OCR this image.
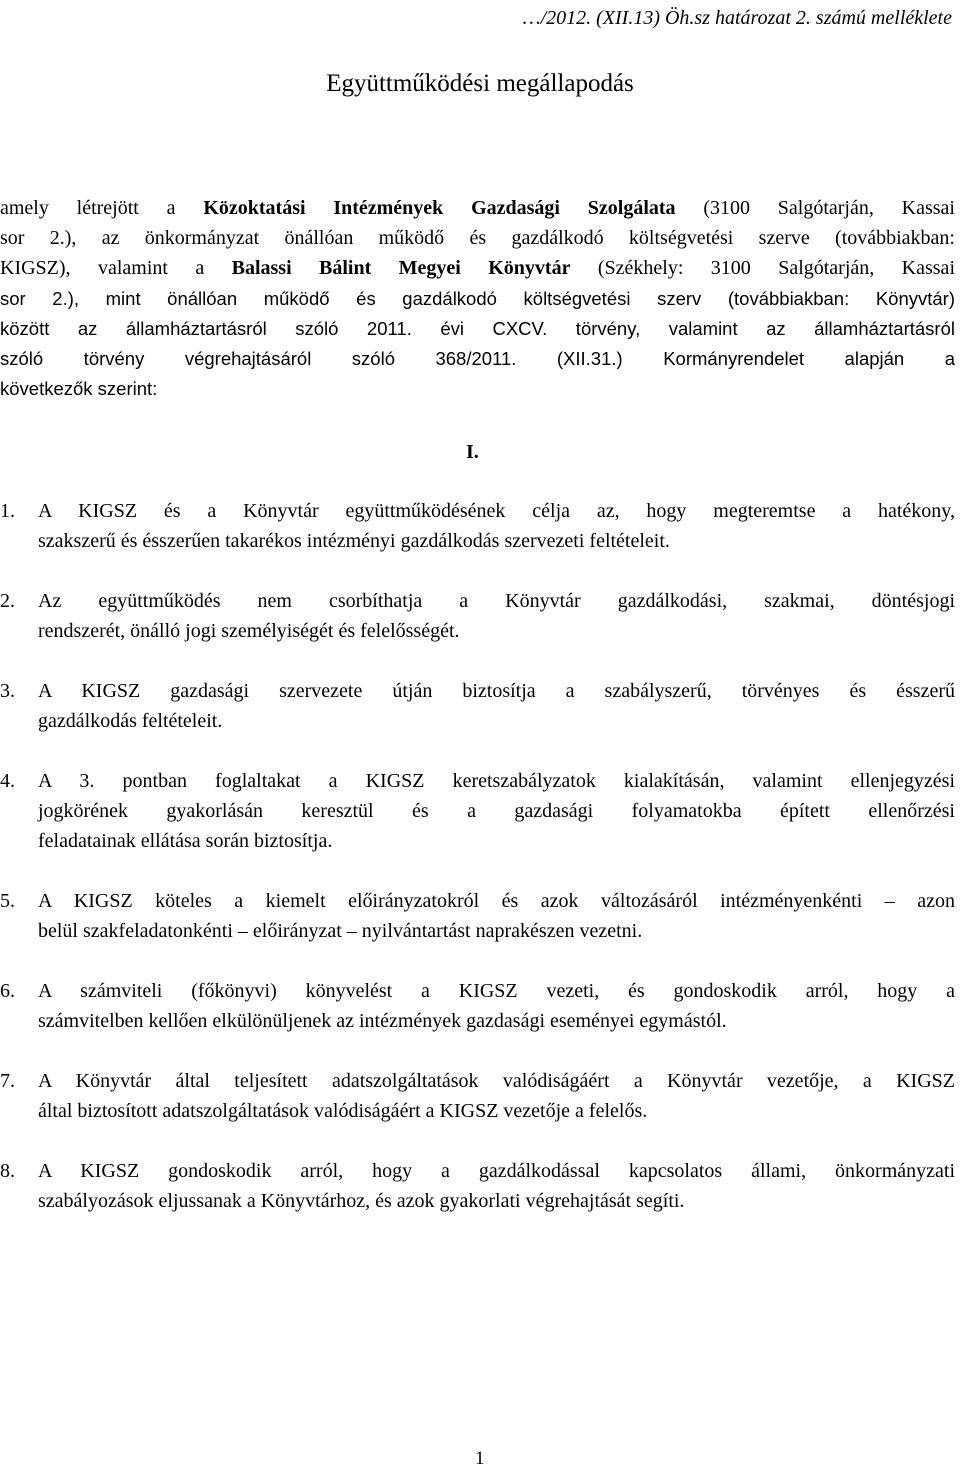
…/2012. (XII.13) Öh.sz határozat 2. számú melléklete
Együttműködési megállapodás
amely létrejött a Közoktatási Intézmények Gazdasági Szolgálata (3100 Salgótarján, Kassai
sor 2.), az önkormányzat önállóan működő és gazdálkodó költségvetési szerve (továbbiakban:
KIGSZ), valamint a Balassi Bálint Megyei Könyvtár (Székhely: 3100 Salgótarján, Kassai
sor 2.), mint önállóan működő és gazdálkodó költségvetési szerv (továbbiakban: Könyvtár)
között az államháztartásról szóló 2011. évi CXCV. törvény, valamint az államháztartásról
szóló törvény végrehajtásáról szóló 368/2011. (XII.31.) Kormányrendelet alapján a
következők szerint:
I.
1. A KIGSZ és a Könyvtár együttműködésének célja az, hogy megteremtse a hatékony,
szakszerű és ésszerűen takarékos intézményi gazdálkodás szervezeti feltételeit.
2. Az együttműködés nem csorbíthatja a Könyvtár gazdálkodási, szakmai, döntésjogi
rendszerét, önálló jogi személyiségét és felelősségét.
3. A KIGSZ gazdasági szervezete útján biztosítja a szabályszerű, törvényes és ésszerű
gazdálkodás feltételeit.
4. A 3. pontban foglaltakat a KIGSZ keretszabályzatok kialakításán, valamint ellenjegyzési
jogkörének gyakorlásán keresztül és a gazdasági folyamatokba épített ellenőrzési
feladatainak ellátása során biztosítja.
5. A KIGSZ köteles a kiemelt előirányzatokról és azok változásáról intézményenkénti – azon
belül szakfeladatonkénti – előirányzat – nyilvántartást naprakészen vezetni.
6. A számviteli (főkönyvi) könyvelést a KIGSZ vezeti, és gondoskodik arról, hogy a
számvitelben kellően elkülönüljenek az intézmények gazdasági eseményei egymástól.
7. A Könyvtár által teljesített adatszolgáltatások valódiságáért a Könyvtár vezetője, a KIGSZ
által biztosított adatszolgáltatások valódiságáért a KIGSZ vezetője a felelős.
8. A KIGSZ gondoskodik arról, hogy a gazdálkodással kapcsolatos állami, önkormányzati
szabályozások eljussanak a Könyvtárhoz, és azok gyakorlati végrehajtását segíti.
1
